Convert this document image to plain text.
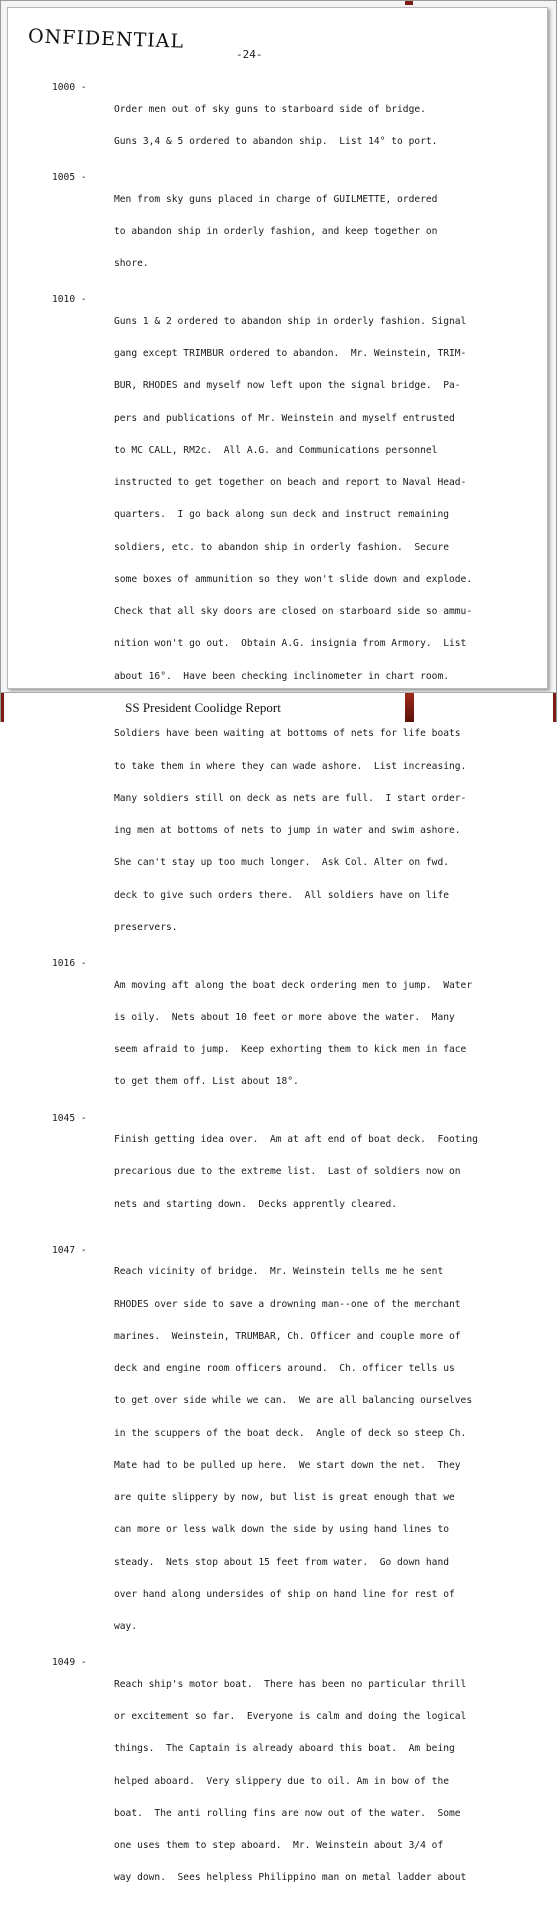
ONFIDENTIAL
-24-
1000 -

Order men out of sky guns to starboard side of bridge.

Guns 3,4 & 5 ordered to abandon ship.  List 14° to port.

1005 -

Men from sky guns placed in charge of GUILMETTE, ordered

to abandon ship in orderly fashion, and keep together on

shore.

1010 -

Guns 1 & 2 ordered to abandon ship in orderly fashion. Signal

gang except TRIMBUR ordered to abandon.  Mr. Weinstein, TRIM-

BUR, RHODES and myself now left upon the signal bridge.  Pa-

pers and publications of Mr. Weinstein and myself entrusted

to MC CALL, RM2c.  All A.G. and Communications personnel

instructed to get together on beach and report to Naval Head-

quarters.  I go back along sun deck and instruct remaining

soldiers, etc. to abandon ship in orderly fashion.  Secure

some boxes of ammunition so they won't slide down and explode.

Check that all sky doors are closed on starboard side so ammu-

nition won't go out.  Obtain A.G. insignia from Armory.  List

about 16°.  Have been checking inclinometer in chart room.

Soldiers have been waiting at bottoms of nets for life boats

to take them in where they can wade ashore.  List increasing.

Many soldiers still on deck as nets are full.  I start order-

ing men at bottoms of nets to jump in water and swim ashore.

She can't stay up too much longer.  Ask Col. Alter on fwd.

deck to give such orders there.  All soldiers have on life

preservers.

1016 -

Am moving aft along the boat deck ordering men to jump.  Water

is oily.  Nets about 10 feet or more above the water.  Many

seem afraid to jump.  Keep exhorting them to kick men in face

to get them off. List about 18°.

1045 -

Finish getting idea over.  Am at aft end of boat deck.  Footing

precarious due to the extreme list.  Last of soldiers now on

nets and starting down.  Decks apprently cleared.

1047 -

Reach vicinity of bridge.  Mr. Weinstein tells me he sent

RHODES over side to save a drowning man--one of the merchant

marines.  Weinstein, TRUMBAR, Ch. Officer and couple more of

deck and engine room officers around.  Ch. officer tells us

to get over side while we can.  We are all balancing ourselves

in the scuppers of the boat deck.  Angle of deck so steep Ch.

Mate had to be pulled up here.  We start down the net.  They

are quite slippery by now, but list is great enough that we

can more or less walk down the side by using hand lines to

steady.  Nets stop about 15 feet from water.  Go down hand

over hand along undersides of ship on hand line for rest of

way.

1049 -

Reach ship's motor boat.  There has been no particular thrill

or excitement so far.  Everyone is calm and doing the logical

things.  The Captain is already aboard this boat.  Am being

helped aboard.  Very slippery due to oil. Am in bow of the

boat.  The anti rolling fins are now out of the water.  Some

one uses them to step aboard.  Mr. Weinstein about 3/4 of

way down.  Sees helpless Philippino man on metal ladder about

SS President Coolidge Report
